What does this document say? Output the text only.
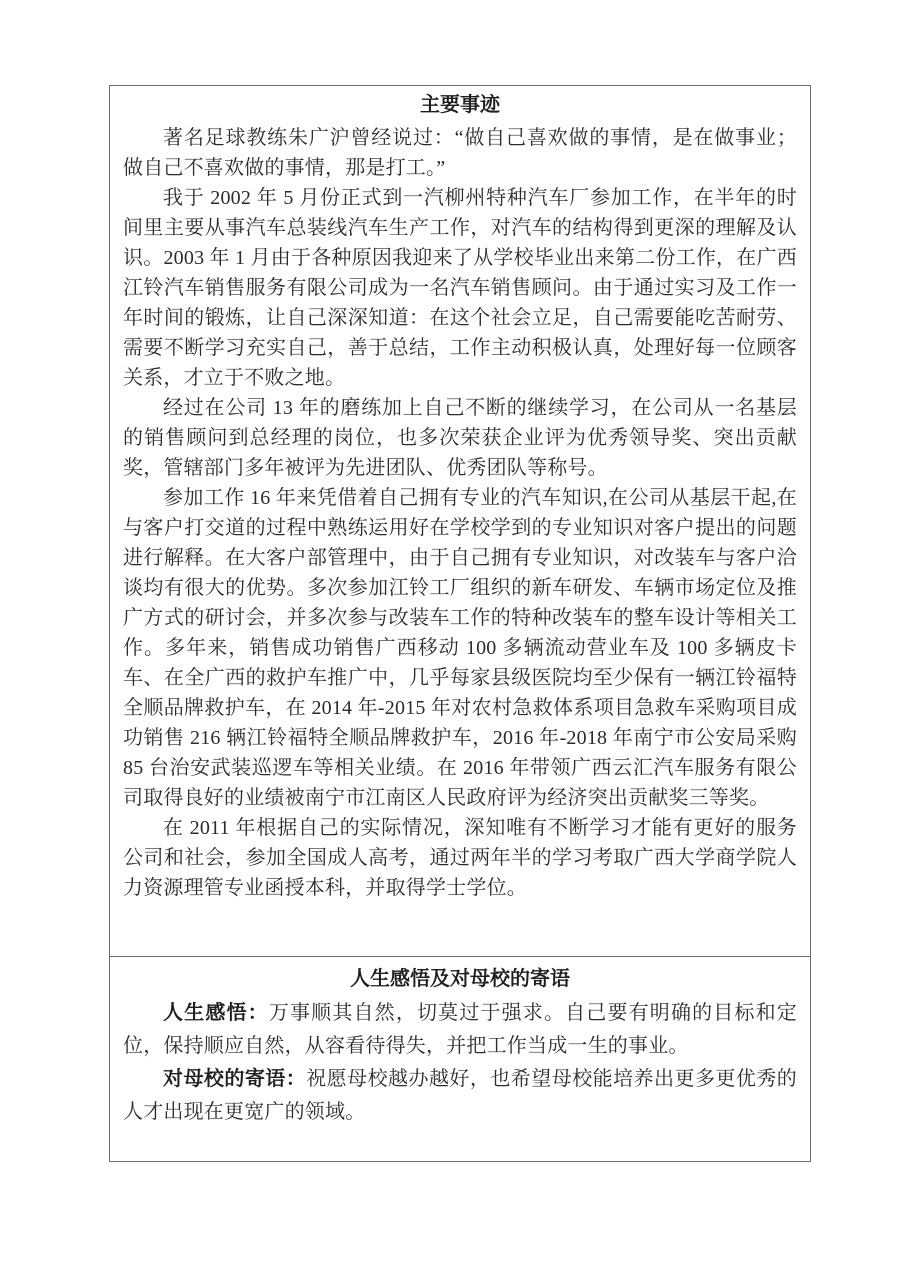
主要事迹

著名足球教练朱广沪曾经说过：“做自己喜欢做的事情，是在做事业；做自己不喜欢做的事情，那是打工。”

我于 2002 年 5 月份正式到一汽柳州特种汽车厂参加工作，在半年的时间里主要从事汽车总装线汽车生产工作，对汽车的结构得到更深的理解及认识。2003 年 1 月由于各种原因我迎来了从学校毕业出来第二份工作，在广西江铃汽车销售服务有限公司成为一名汽车销售顾问。由于通过实习及工作一年时间的锻炼，让自己深深知道：在这个社会立足，自己需要能吃苦耐劳、需要不断学习充实自己，善于总结，工作主动积极认真，处理好每一位顾客关系，才立于不败之地。

经过在公司 13 年的磨练加上自己不断的继续学习，在公司从一名基层的销售顾问到总经理的岗位，也多次荣获企业评为优秀领导奖、突出贡献奖，管辖部门多年被评为先进团队、优秀团队等称号。

参加工作 16 年来凭借着自己拥有专业的汽车知识,在公司从基层干起,在与客户打交道的过程中熟练运用好在学校学到的专业知识对客户提出的问题进行解释。在大客户部管理中，由于自己拥有专业知识，对改装车与客户洽谈均有很大的优势。多次参加江铃工厂组织的新车研发、车辆市场定位及推广方式的研讨会，并多次参与改装车工作的特种改装车的整车设计等相关工作。多年来，销售成功销售广西移动 100 多辆流动营业车及 100 多辆皮卡车、在全广西的救护车推广中，几乎每家县级医院均至少保有一辆江铃福特全顺品牌救护车，在 2014 年-2015 年对农村急救体系项目急救车采购项目成功销售 216 辆江铃福特全顺品牌救护车，2016 年-2018 年南宁市公安局采购 85 台治安武装巡逻车等相关业绩。在 2016 年带领广西云汇汽车服务有限公司取得良好的业绩被南宁市江南区人民政府评为经济突出贡献奖三等奖。

在 2011 年根据自己的实际情况，深知唯有不断学习才能有更好的服务公司和社会，参加全国成人高考，通过两年半的学习考取广西大学商学院人力资源理管专业函授本科，并取得学士学位。

人生感悟及对母校的寄语

人生感悟：万事顺其自然，切莫过于强求。自己要有明确的目标和定位，保持顺应自然，从容看待得失，并把工作当成一生的事业。

对母校的寄语：祝愿母校越办越好，也希望母校能培养出更多更优秀的人才出现在更宽广的领域。
